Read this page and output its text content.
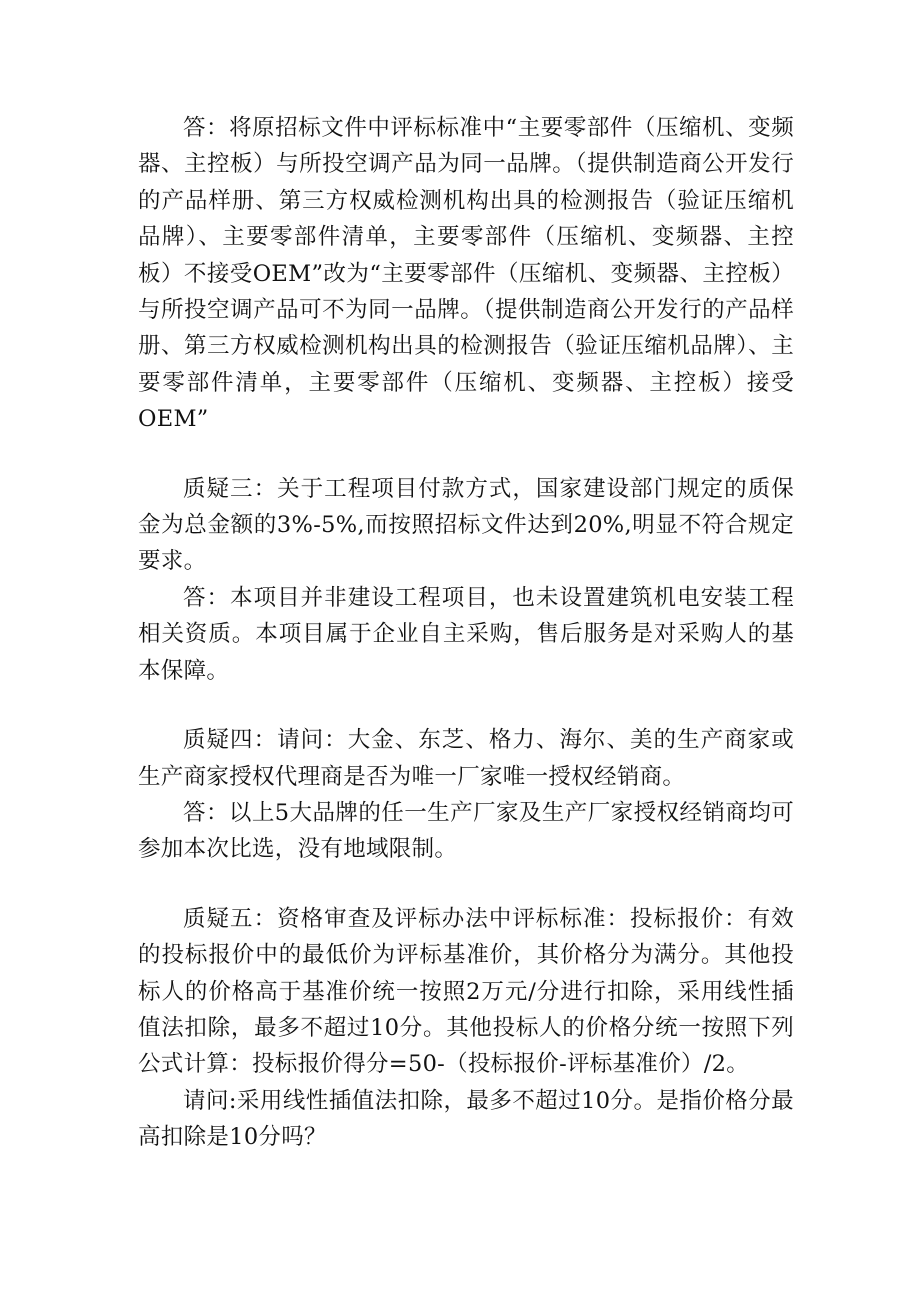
答：将原招标文件中评标标准中“主要零部件（压缩机、变频器、主控板）与所投空调产品为同一品牌。（提供制造商公开发行的产品样册、第三方权威检测机构出具的检测报告（验证压缩机品牌）、主要零部件清单，主要零部件（压缩机、变频器、主控板）不接受OEM”改为“主要零部件（压缩机、变频器、主控板）与所投空调产品可不为同一品牌。（提供制造商公开发行的产品样册、第三方权威检测机构出具的检测报告（验证压缩机品牌）、主要零部件清单，主要零部件（压缩机、变频器、主控板）接受OEM”

质疑三：关于工程项目付款方式，国家建设部门规定的质保金为总金额的3%-5%,而按照招标文件达到20%,明显不符合规定要求。

答：本项目并非建设工程项目，也未设置建筑机电安装工程相关资质。本项目属于企业自主采购，售后服务是对采购人的基本保障。

质疑四：请问：大金、东芝、格力、海尔、美的生产商家或生产商家授权代理商是否为唯一厂家唯一授权经销商。

答：以上5大品牌的任一生产厂家及生产厂家授权经销商均可参加本次比选，没有地域限制。

质疑五：资格审查及评标办法中评标标准：投标报价：有效的投标报价中的最低价为评标基准价，其价格分为满分。其他投标人的价格高于基准价统一按照2万元/分进行扣除，采用线性插值法扣除，最多不超过10分。其他投标人的价格分统一按照下列公式计算：投标报价得分=50-（投标报价-评标基准价）/2。

请问:采用线性插值法扣除，最多不超过10分。是指价格分最高扣除是10分吗？
